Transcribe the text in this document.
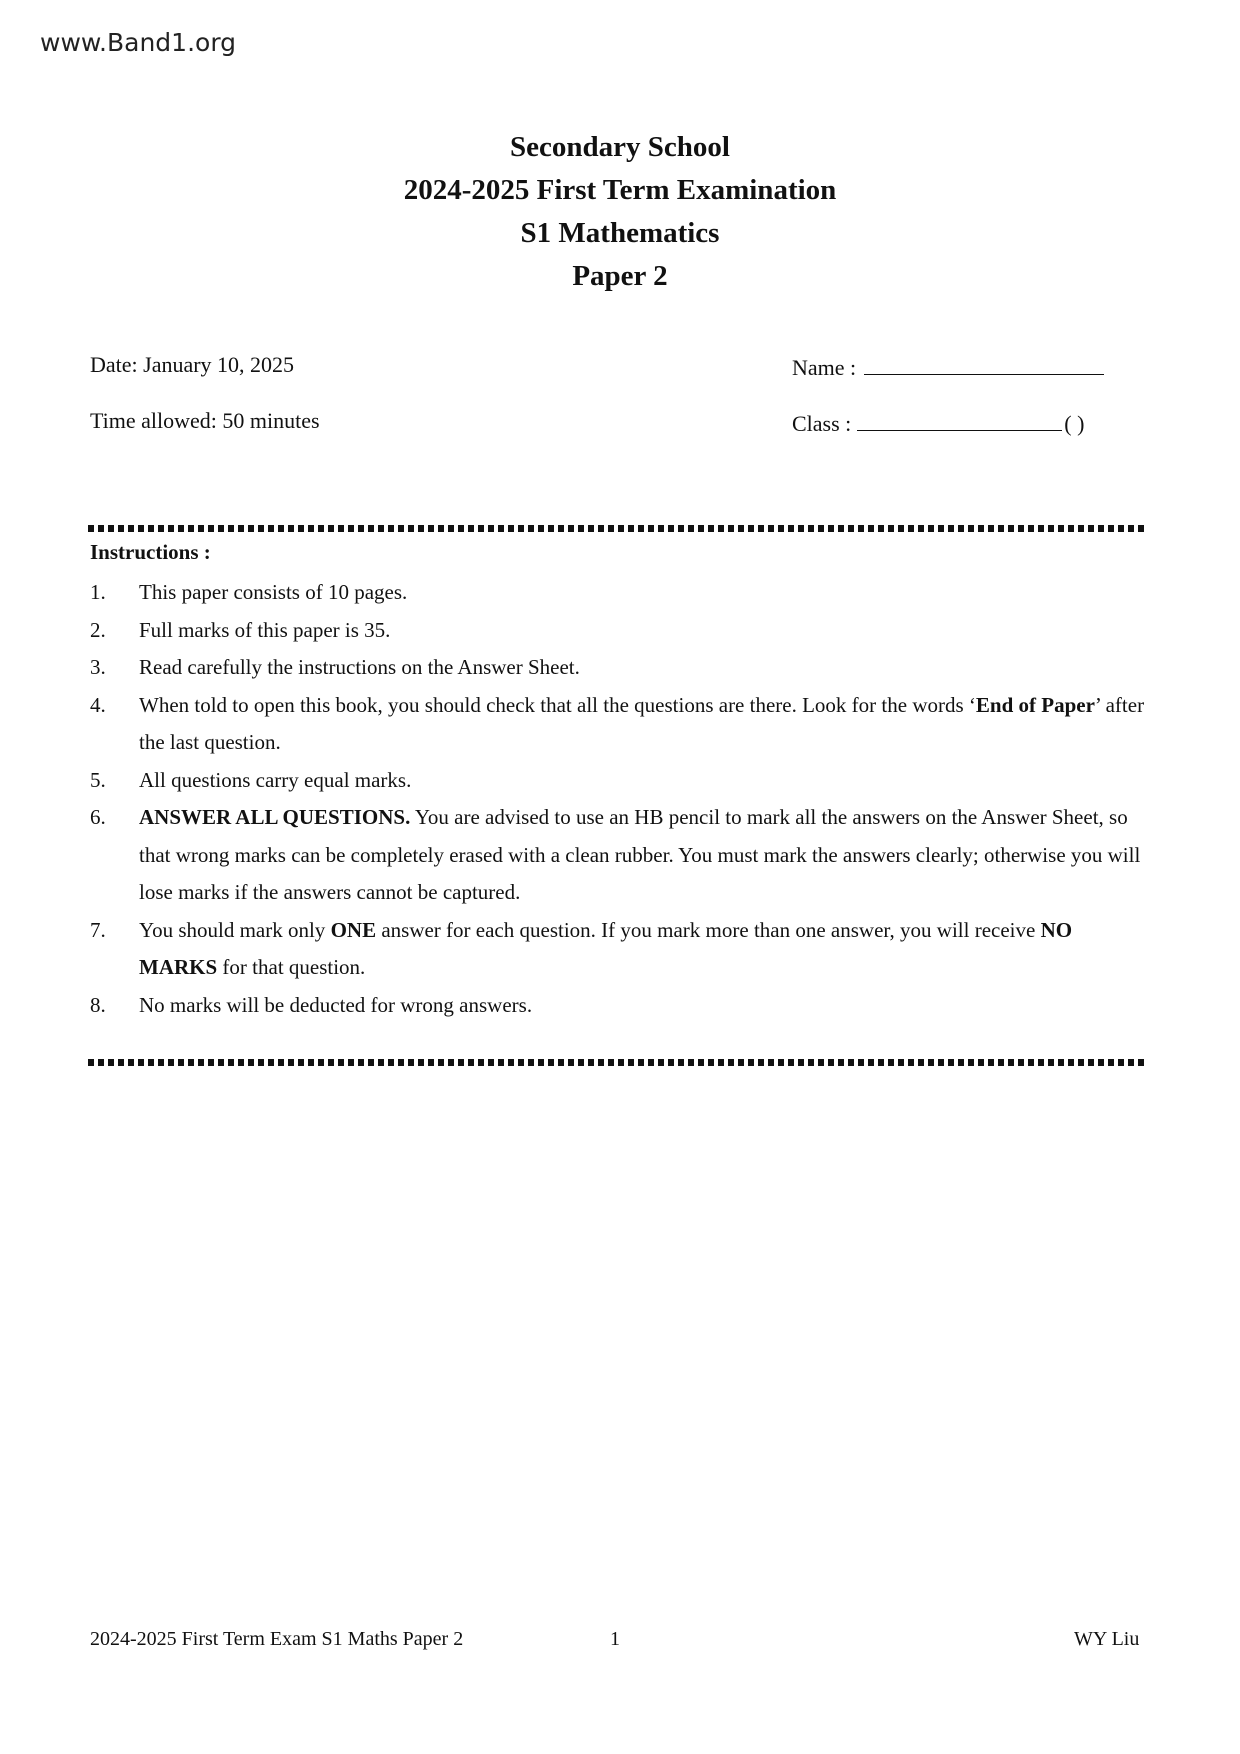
www.Band1.org
Secondary School
2024-2025 First Term Examination
S1 Mathematics
Paper 2
Date: January 10, 2025
Time allowed: 50 minutes
Name :
Class :	( )
Instructions :
1.	This paper consists of 10 pages.
2.	Full marks of this paper is 35.
3.	Read carefully the instructions on the Answer Sheet.
4.	When told to open this book, you should check that all the questions are there. Look for the words ‘End of Paper’ after the last question.
5.	All questions carry equal marks.
6.	ANSWER ALL QUESTIONS. You are advised to use an HB pencil to mark all the answers on the Answer Sheet, so that wrong marks can be completely erased with a clean rubber. You must mark the answers clearly; otherwise you will lose marks if the answers cannot be captured.
7.	You should mark only ONE answer for each question. If you mark more than one answer, you will receive NO MARKS for that question.
8.	No marks will be deducted for wrong answers.
2024-2025 First Term Exam S1 Maths Paper 2	1	WY Liu
